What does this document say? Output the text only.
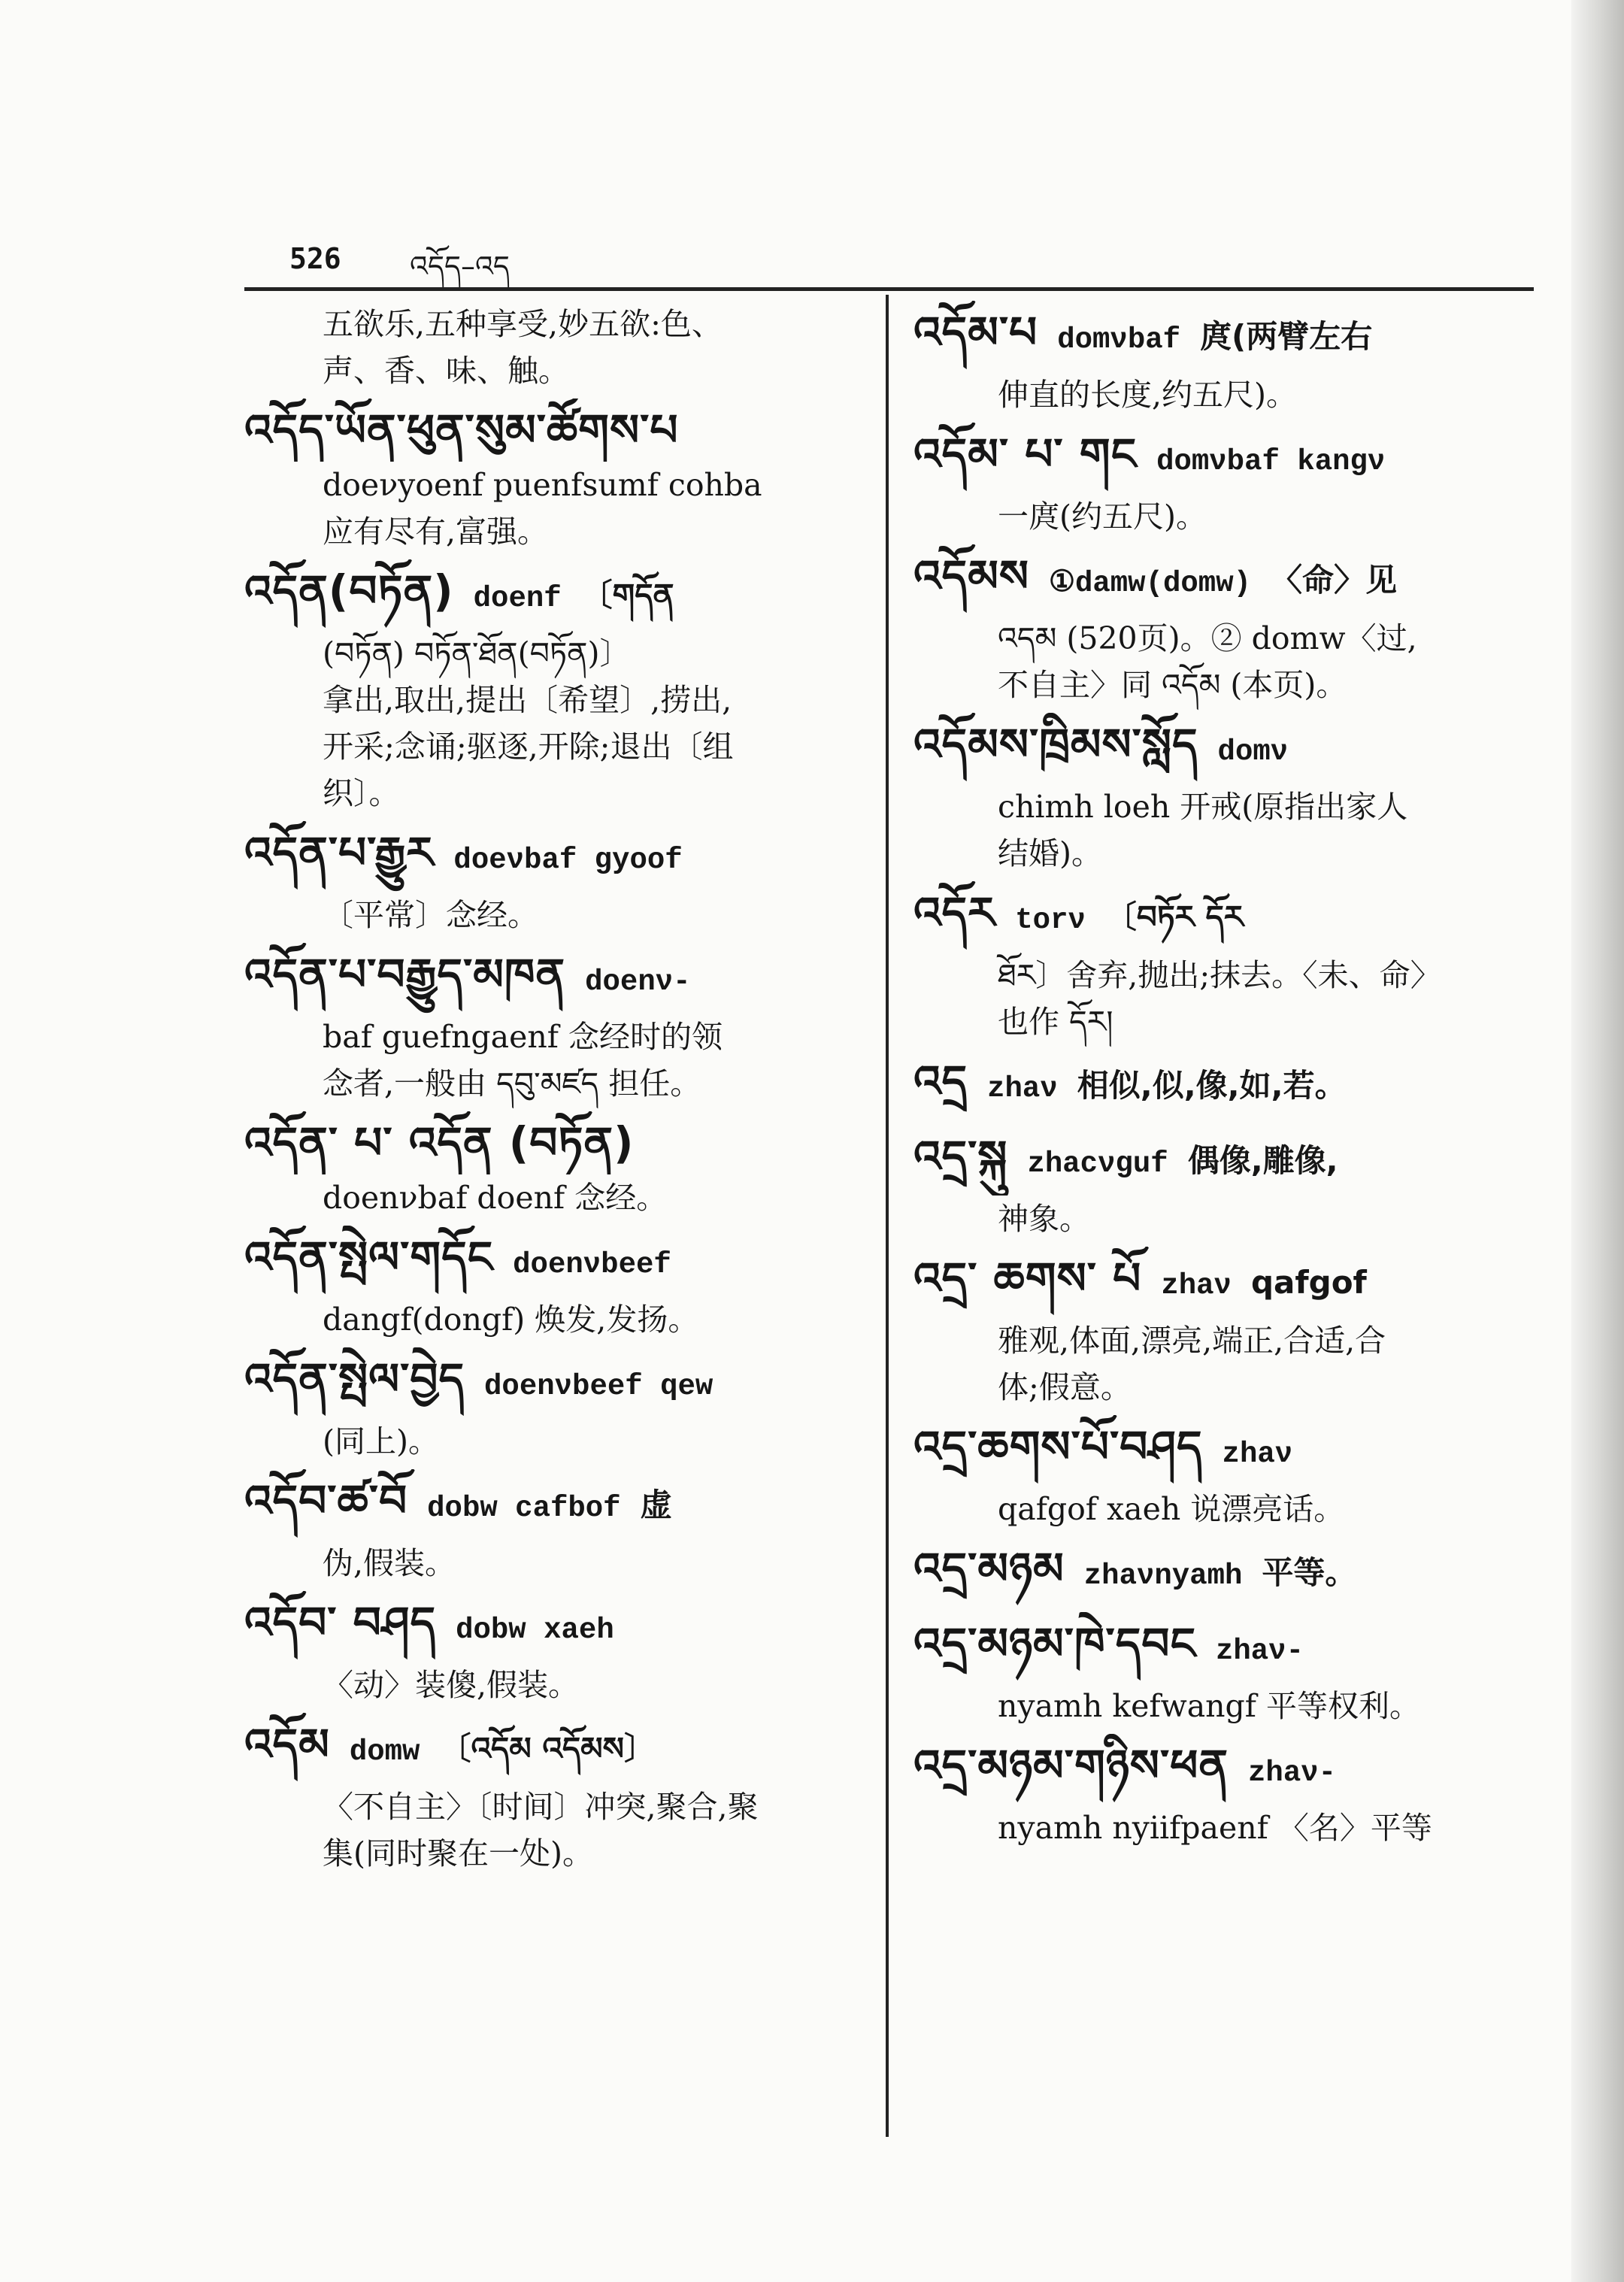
526 འདོད–འད
五欲乐,五种享受,妙五欲:色、
声、香、味、触。
འདོད་ཡོན་ཕུན་སུམ་ཚོགས་པ
doeνyoenf puenfsumf cohba
应有尽有,富强。
འདོན(བཏོན) doenf 〔གདོན
(བཏོན) བཏོན་ཐོན(བཏོན)〕
拿出,取出,提出〔希望〕,捞出,
开采;念诵;驱逐,开除;退出〔组
织〕。
འདོན་པ་རྒྱུར doeνbaf gyoof
〔平常〕念经。
འདོན་པ་བརྒྱུད་མཁན doenν-
baf guefngaenf 念经时的领
念者,一般由 དབུ་མཛད 担任。
འདོན་ པ་ འདོན (བཏོན)
doenνbaf doenf 念经。
འདོན་སྤེལ་གདོང doenνbeef
dangf(dongf) 焕发,发扬。
འདོན་སྤེལ་བྱེད doenνbeef qew
(同上)。
འདོབ་ཚ་བོ dobw cafbof 虚
伪,假装。
འདོབ་ བཤད dobw xaeh
〈动〉装傻,假装。
འདོམ domw 〔འདོམ འདོམས〕
〈不自主〉〔时间〕冲突,聚合,聚
集(同时聚在一处)。
འདོམ་པ domνbaf 庹(两臂左右
伸直的长度,约五尺)。
འདོམ་ པ་ གང domνbaf kangν
一庹(约五尺)。
འདོམས ①damw(domw) 〈命〉见
འདམ (520页)。② domw〈过,
不自主〉同 འདོམ (本页)。
འདོམས་ཁྲིམས་སློད domν
chimh loeh 开戒(原指出家人
结婚)。
འདོར torν 〔བཏོར དོར
ཐོར〕舍弃,抛出;抹去。〈未、命〉
也作 དོར།
འདྲ zhaν 相似,似,像,如,若。
འདྲ་སྐུ zhacνguf 偶像,雕像,
神象。
འདྲ་ ཆགས་ པོ zhaν qafgof
雅观,体面,漂亮,端正,合适,合
体;假意。
འདྲ་ཆགས་པོ་བཤད zhaν
qafgof xaeh 说漂亮话。
འདྲ་མཉམ zhaνnyamh 平等。
འདྲ་མཉམ་ཁེ་དབང zhaν-
nyamh kefwangf 平等权利。
འདྲ་མཉམ་གཉིས་ཕན zhaν-
nyamh nyiifpaenf 〈名〉平等
